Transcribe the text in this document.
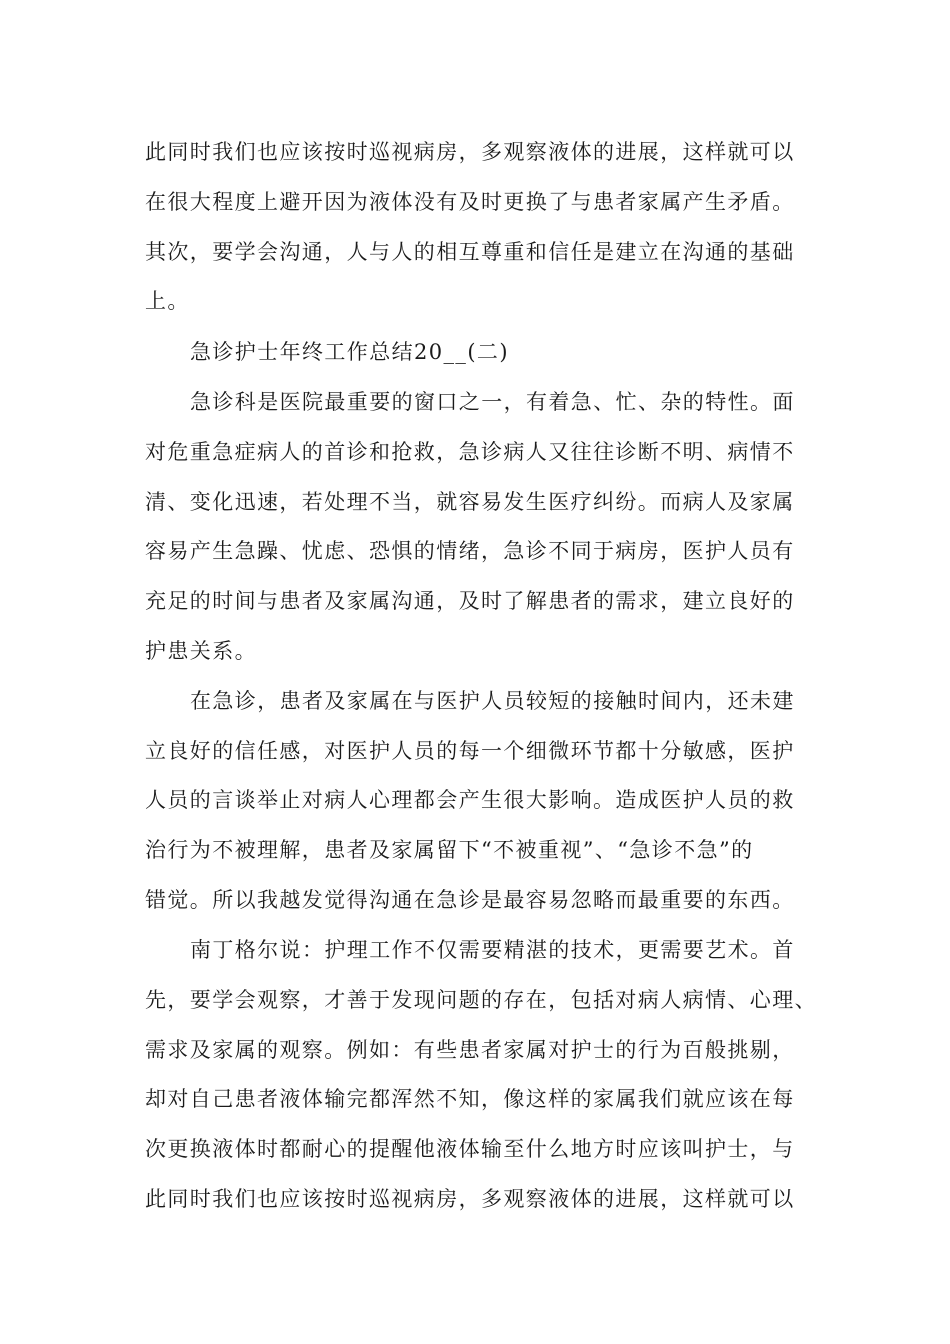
此同时我们也应该按时巡视病房，多观察液体的进展，这样就可以
在很大程度上避开因为液体没有及时更换了与患者家属产生矛盾。
其次，要学会沟通，人与人的相互尊重和信任是建立在沟通的基础
上。
急诊护士年终工作总结20__(二)
急诊科是医院最重要的窗口之一，有着急、忙、杂的特性。面
对危重急症病人的首诊和抢救，急诊病人又往往诊断不明、病情不
清、变化迅速，若处理不当，就容易发生医疗纠纷。而病人及家属
容易产生急躁、忧虑、恐惧的情绪，急诊不同于病房，医护人员有
充足的时间与患者及家属沟通，及时了解患者的需求，建立良好的
护患关系。
在急诊，患者及家属在与医护人员较短的接触时间内，还未建
立良好的信任感，对医护人员的每一个细微环节都十分敏感，医护
人员的言谈举止对病人心理都会产生很大影响。造成医护人员的救
治行为不被理解，患者及家属留下“不被重视”、“急诊不急”的
错觉。所以我越发觉得沟通在急诊是最容易忽略而最重要的东西。
南丁格尔说：护理工作不仅需要精湛的技术，更需要艺术。首
先，要学会观察，才善于发现问题的存在，包括对病人病情、心理、
需求及家属的观察。例如：有些患者家属对护士的行为百般挑剔，
却对自己患者液体输完都浑然不知，像这样的家属我们就应该在每
次更换液体时都耐心的提醒他液体输至什么地方时应该叫护士，与
此同时我们也应该按时巡视病房，多观察液体的进展，这样就可以
